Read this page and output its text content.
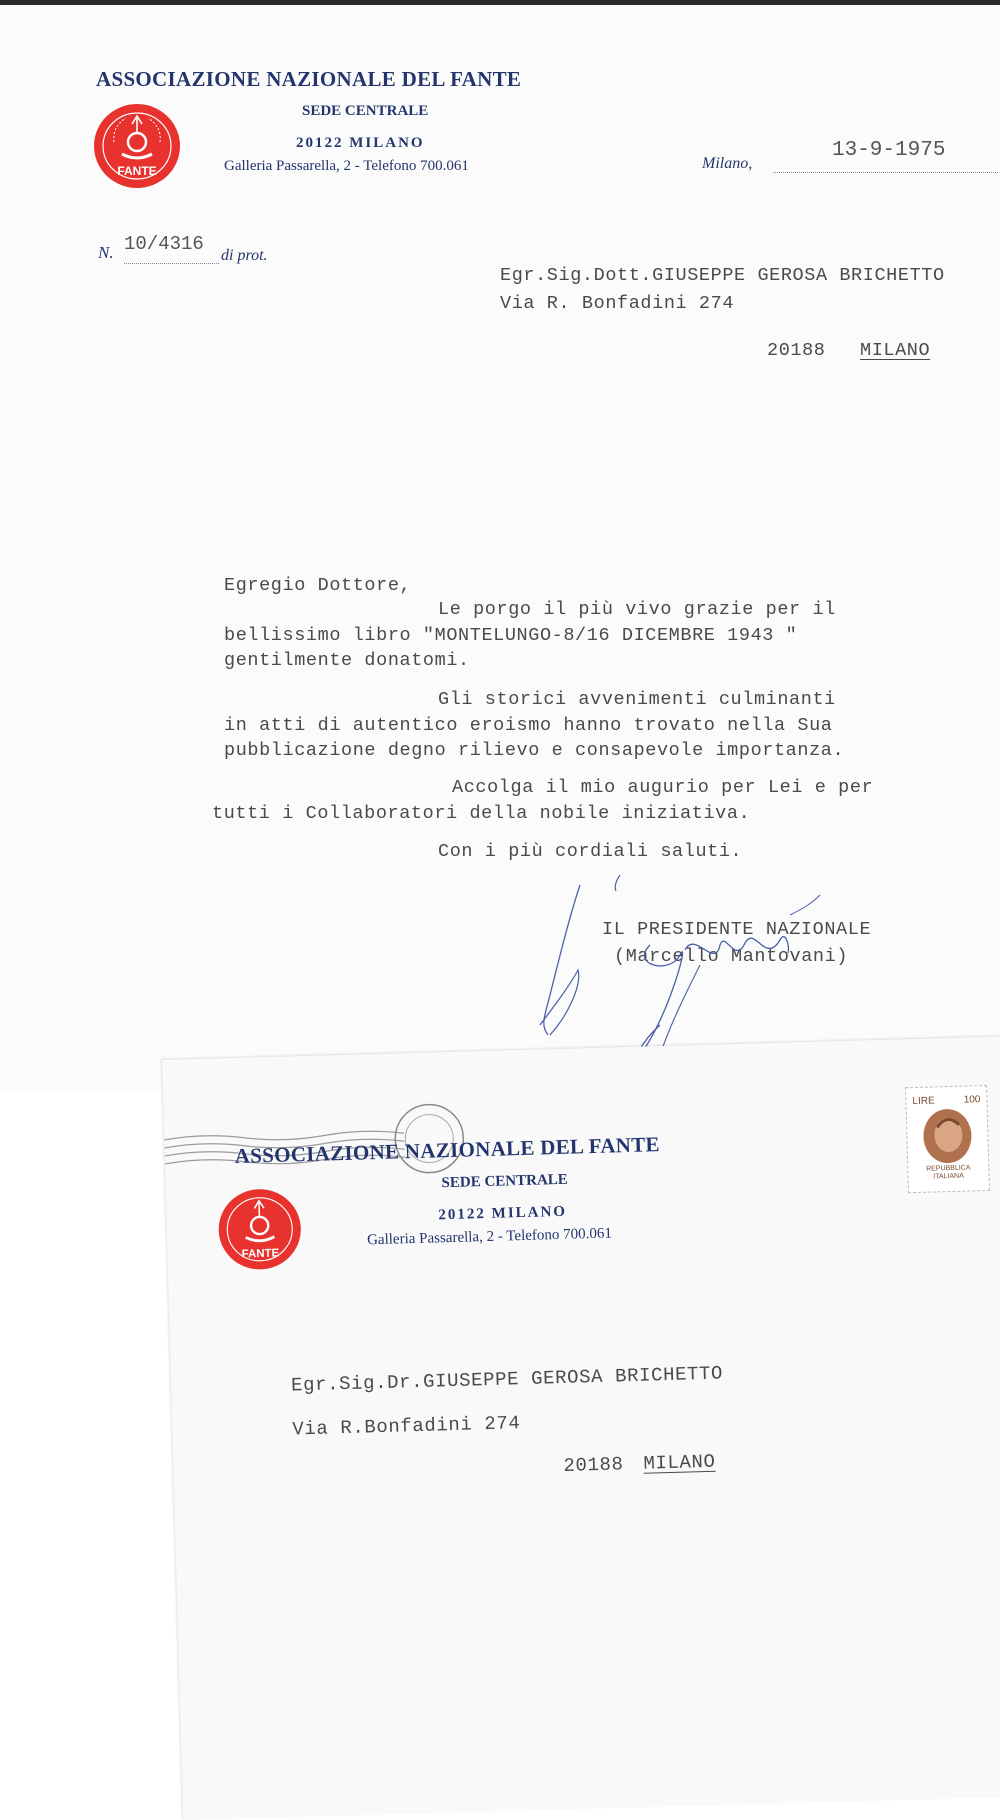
ASSOCIAZIONE NAZIONALE DEL FANTE
SEDE CENTRALE
20122 MILANO
Galleria Passarella, 2 - Telefono 700.061
FANTE	Milano,
13-9-1975
N. 10/4316
di prot.
Egr.Sig.Dott.GIUSEPPE GEROSA BRICHETTO
Via R. Bonfadini 274
20188 MILANO
Egregio Dottore,
Le porgo il più vivo grazie per il
bellissimo libro "MONTELUNGO-8/16 DICEMBRE 1943 "
gentilmente donatomi.
Gli storici avvenimenti culminanti
in atti di autentico eroismo hanno trovato nella Sua
pubblicazione degno rilievo e consapevole importanza.
Accolga il mio augurio per Lei e per
tutti i Collaboratori della nobile iniziativa.
Con i più cordiali saluti.
IL PRESIDENTE NAZIONALE
(Marcello Mantovani)
ASSOCIAZIONE NAZIONALE DEL FANTE
SEDE CENTRALE
20122 MILANO
Galleria Passarella, 2 - Telefono 700.061
FANTE
LIRE	100
REPUBBLICA
ITALIANA
Egr.Sig.Dr.GIUSEPPE GEROSA BRICHETTO
Via R.Bonfadini 274
20188 MILANO
